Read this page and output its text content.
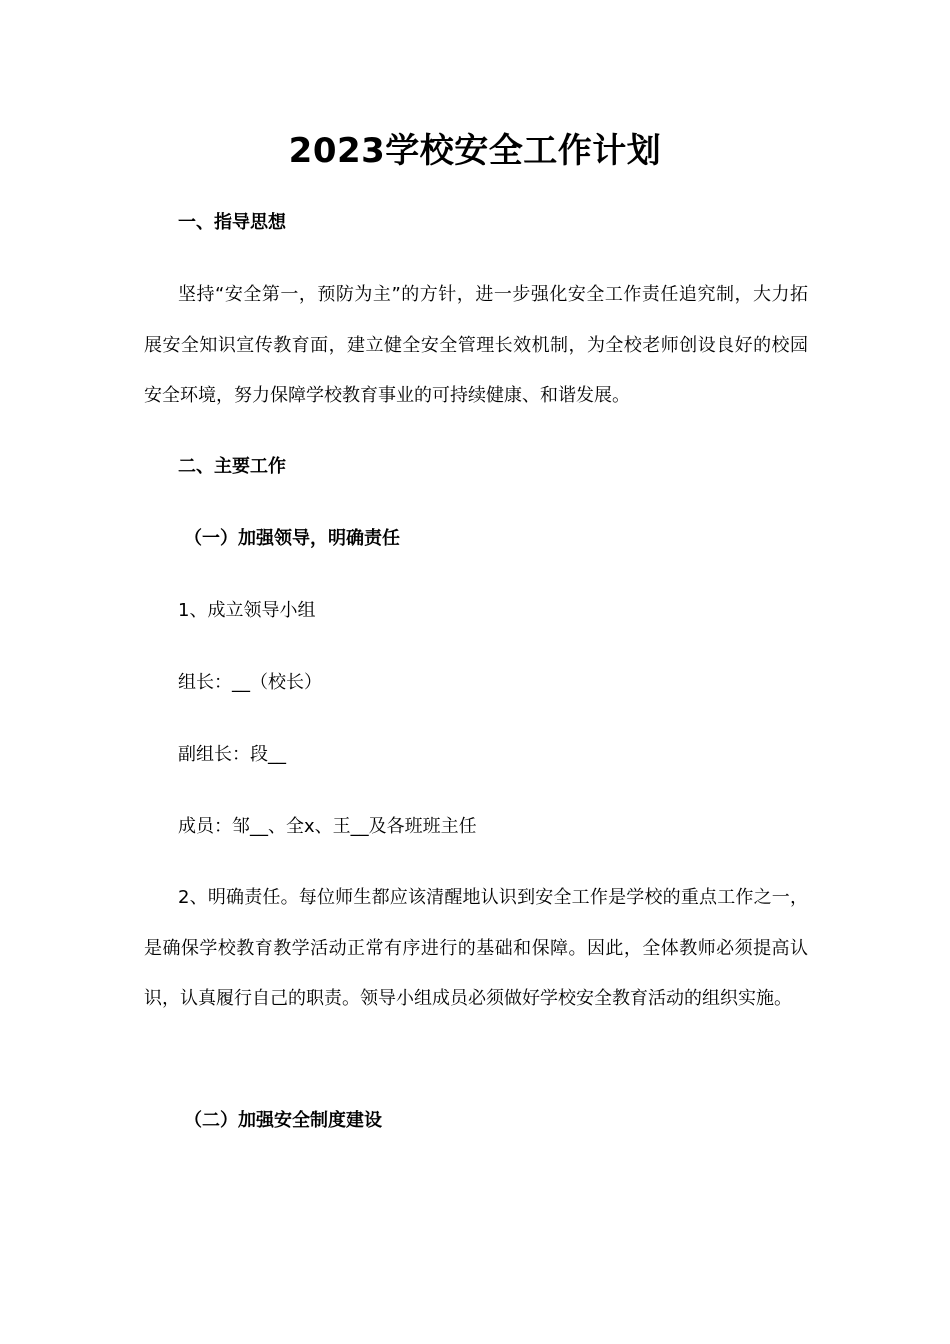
2023学校安全工作计划
一、指导思想

坚持“安全第一，预防为主”的方针，进一步强化安全工作责任追究制，大力拓展安全知识宣传教育面，建立健全安全管理长效机制，为全校老师创设良好的校园安全环境，努力保障学校教育事业的可持续健康、和谐发展。

二、主要工作
（一）加强领导，明确责任
1、成立领导小组
组长：__（校长）
副组长：段__
成员：邹__、全x、王__及各班班主任

2、明确责任。每位师生都应该清醒地认识到安全工作是学校的重点工作之一，是确保学校教育教学活动正常有序进行的基础和保障。因此，全体教师必须提高认识，认真履行自己的职责。领导小组成员必须做好学校安全教育活动的组织实施。

（二）加强安全制度建设
